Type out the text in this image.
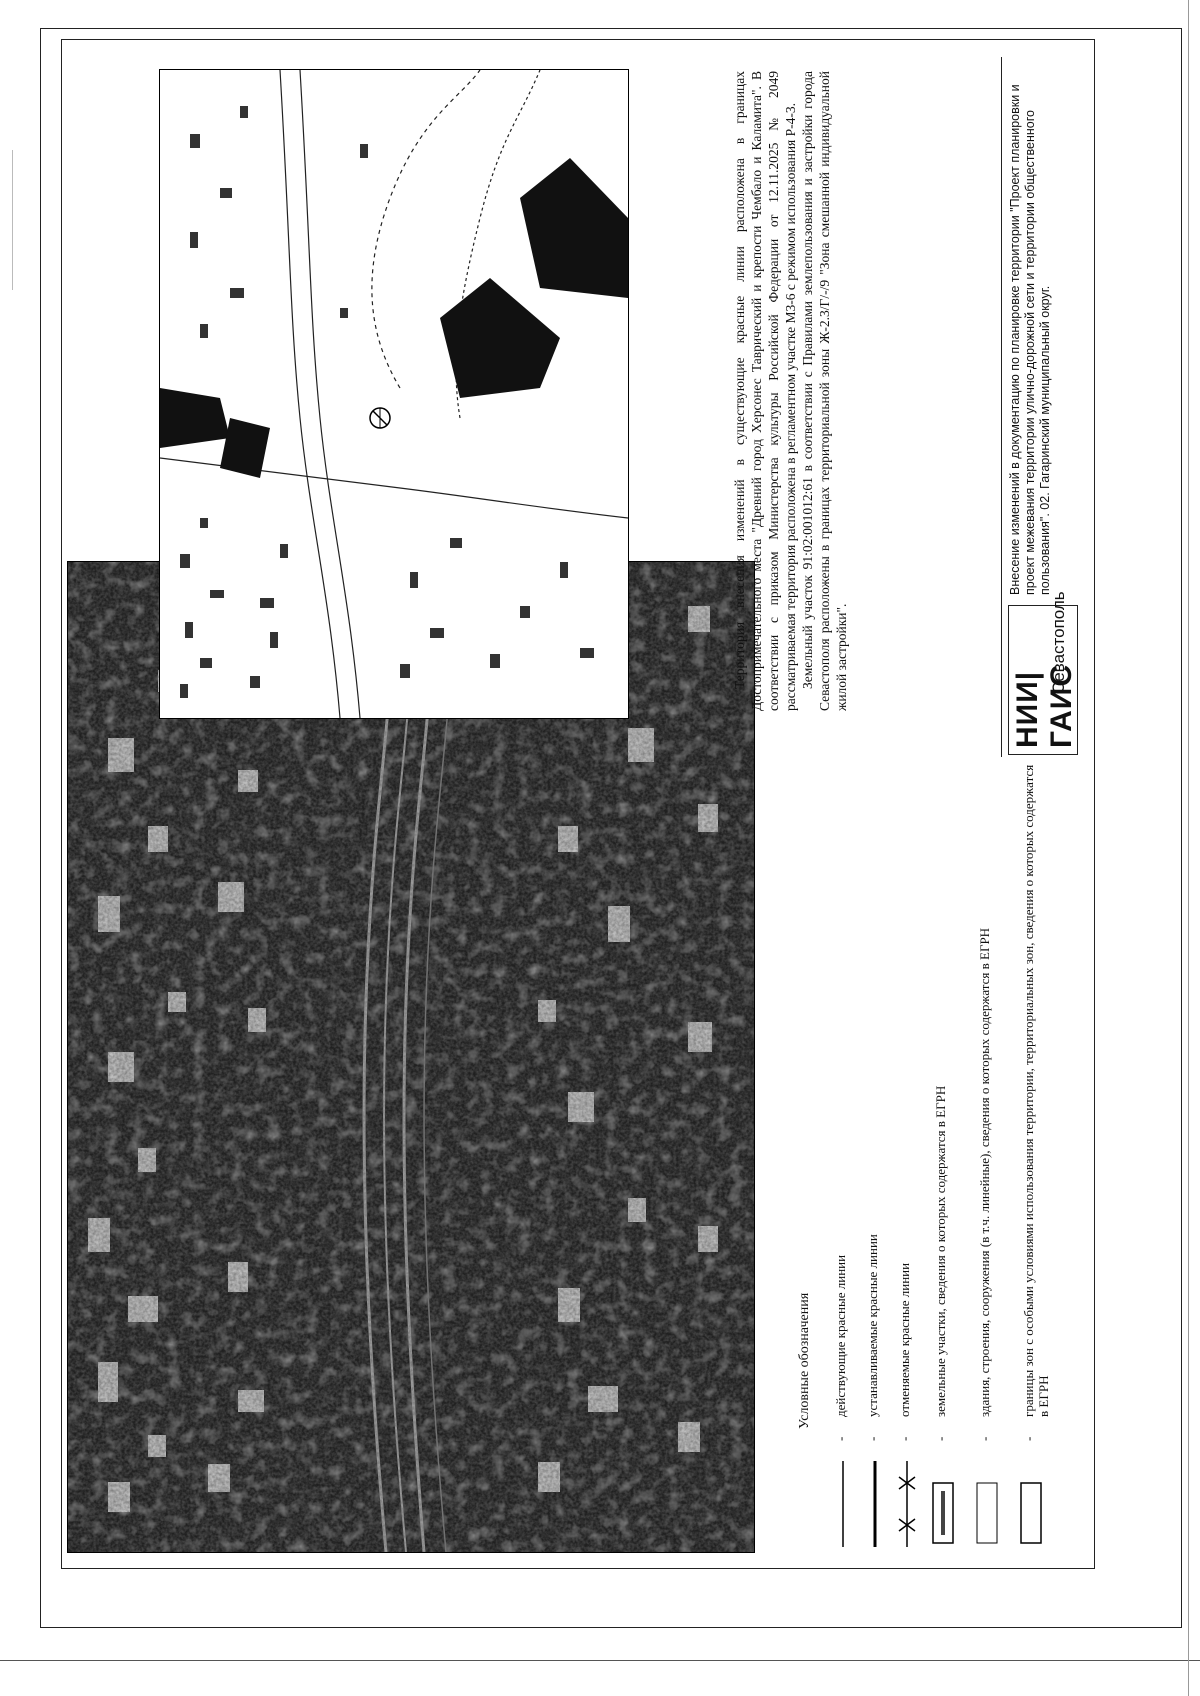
Условные обозначения
-
действующие красные линии
-
устанавливаемые красные линии
-
отменяемые красные линии
-
земельные участки, сведения о которых содержатся в ЕГРН
-
здания, строения, сооружения (в т.ч. линейные), сведения о которых содержатся в ЕГРН
-
границы зон с особыми условиями использования территории, территориальных зон, сведения о которых содержатся в ЕГРН

Территория внесения изменений в существующие красные линии расположена в границах Достопримечательного места "Древний город Херсонес Таврический и крепости Чембало и Каламита". В соответствии с приказом Министерства культуры Российской Федерации от 12.11.2025 № 2049 рассматриваемая территория расположена в регламентном участке М3-6 с режимом использования Р-4-3. Земельный участок 91:02:001012:61 в соответствии с Правилами землепользования и застройки города Севастополя расположены в границах территориальной зоны Ж-2.3/Г/-/9 "Зона смешанной индивидуальной жилой застройки".	НИИ|ГАИС
Севастополь
Внесение изменений в документацию по планировке территории "Проект планировки и проект межевания территории улично-дорожной сети и территории общественного пользования". 02. Гагаринский муниципальный округ.
